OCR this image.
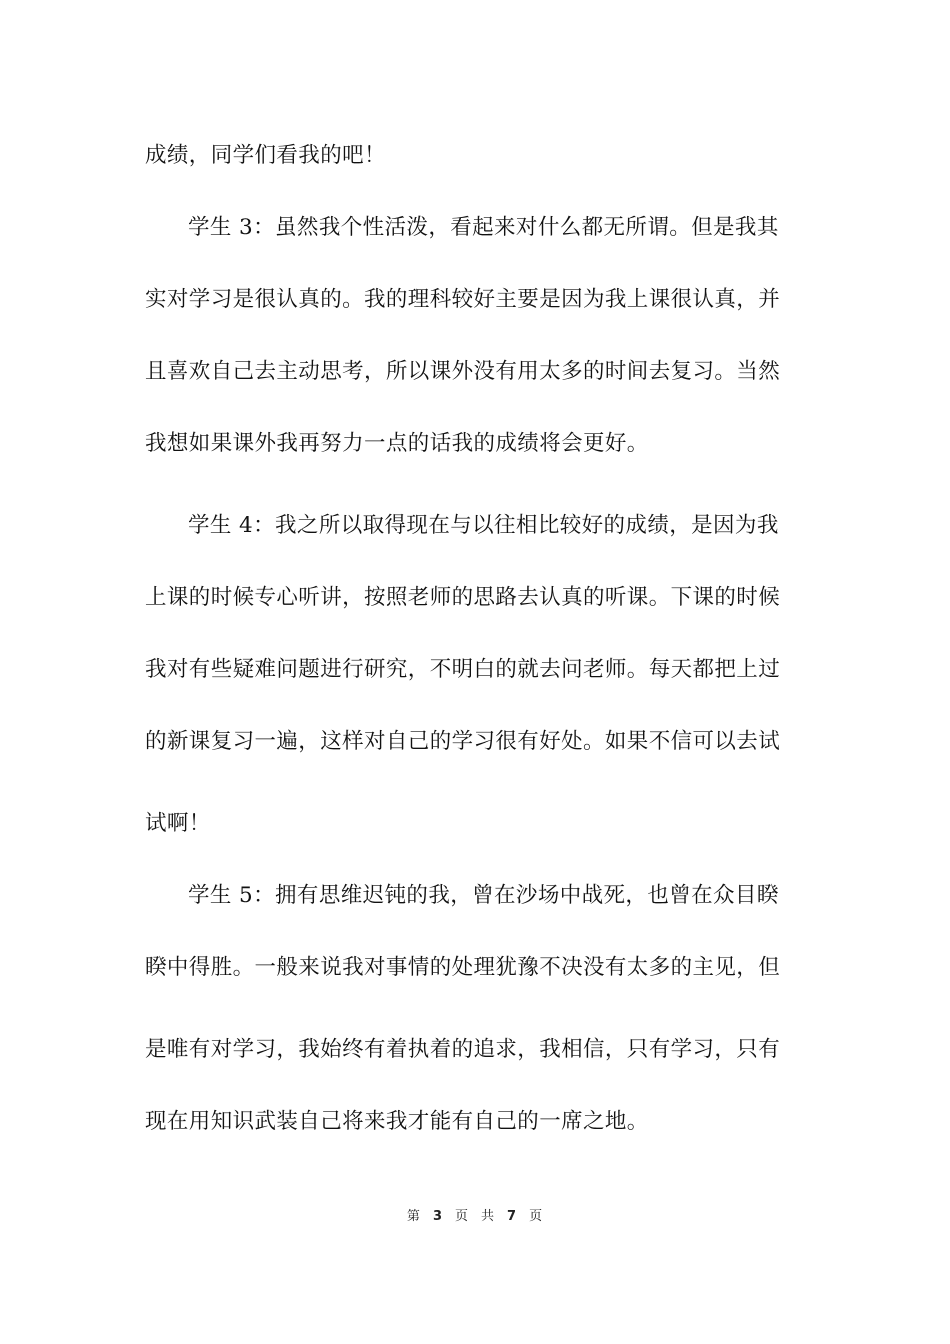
成绩，同学们看我的吧！
学生 3：虽然我个性活泼，看起来对什么都无所谓。但是我其
实对学习是很认真的。我的理科较好主要是因为我上课很认真，并
且喜欢自己去主动思考，所以课外没有用太多的时间去复习。当然
我想如果课外我再努力一点的话我的成绩将会更好。
学生 4：我之所以取得现在与以往相比较好的成绩，是因为我
上课的时候专心听讲，按照老师的思路去认真的听课。下课的时候
我对有些疑难问题进行研究，不明白的就去问老师。每天都把上过
的新课复习一遍，这样对自己的学习很有好处。如果不信可以去试
试啊！
学生 5：拥有思维迟钝的我，曾在沙场中战死，也曾在众目睽
睽中得胜。一般来说我对事情的处理犹豫不决没有太多的主见，但
是唯有对学习，我始终有着执着的追求，我相信，只有学习，只有
现在用知识武装自己将来我才能有自己的一席之地。
第 3 页 共 7 页
